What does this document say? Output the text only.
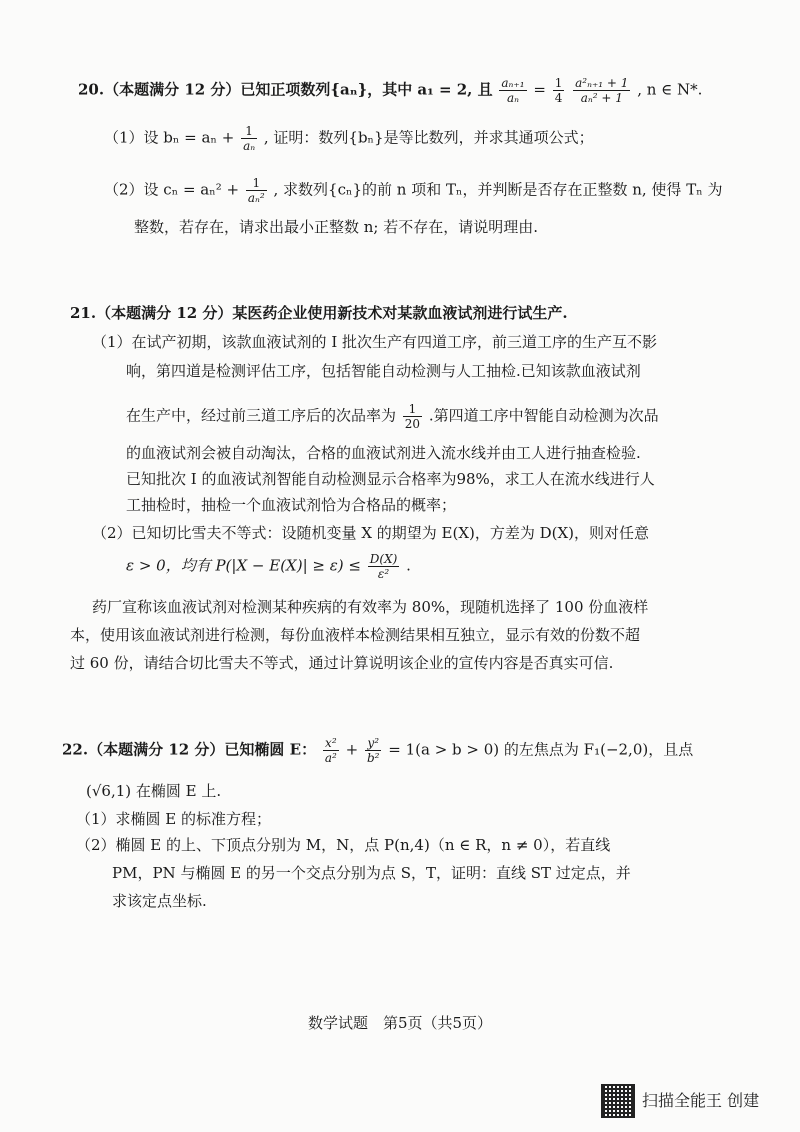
20.（本题满分 12 分）已知正项数列{aₙ}，其中 a₁ = 2, 且 $\frac{\text{aₙ₊₁}}{\text{aₙ}} = \frac{1}{4}$
$\frac{\text{a²ₙ₊₁ + 1}}{\text{aₙ² + 1}}$ , n ∈ N*.
（1）设 $b_n = a_n + \frac{1}{\text{aₙ}}$ , 证明：数列{bₙ}是等比数列，并求其通项公式；
（2）设 $c_n = a_n^2 + \frac{1}{\text{aₙ²}}$ , 求数列{cₙ}的前 n 项和 Tₙ，并判断是否存在正整数 n, 使得 Tₙ 为
整数，若存在，请求出最小正整数 n; 若不存在，请说明理由.
21.（本题满分 12 分）某医药企业使用新技术对某款血液试剂进行试生产.
（1）在试产初期，该款血液试剂的 I 批次生产有四道工序，前三道工序的生产互不影
响，第四道是检测评估工序，包括智能自动检测与人工抽检.已知该款血液试剂
在生产中，经过前三道工序后的次品率为 $\frac{1}{20}$ .第四道工序中智能自动检测为次品
的血液试剂会被自动淘汰，合格的血液试剂进入流水线并由工人进行抽查检验.
已知批次 I 的血液试剂智能自动检测显示合格率为98%，求工人在流水线进行人
工抽检时，抽检一个血液试剂恰为合格品的概率；
（2）已知切比雪夫不等式：设随机变量 X 的期望为 E(X)，方差为 D(X)，则对任意
ε > 0，均有 $P(|X - E(X)| \ge \varepsilon) \le \frac{D(X)}{\text{ε²}}$ .
药厂宣称该血液试剂对检测某种疾病的有效率为 80%，现随机选择了 100 份血液样
本，使用该血液试剂进行检测，每份血液样本检测结果相互独立，显示有效的份数不超
过 60 份，请结合切比雪夫不等式，通过计算说明该企业的宣传内容是否真实可信.
22.（本题满分 12 分）已知椭圆 E： $\frac{\text{x²}}{\text{a²}} + \frac{\text{y²}}{\text{b²}} = 1(a > b > 0)$ 的左焦点为 F₁(−2,0)，且点
(√6,1) 在椭圆 E 上.
（1）求椭圆 E 的标准方程；
（2）椭圆 E 的上、下顶点分别为 M，N，点 P(n,4)（n ∈ R，n ≠ 0），若直线
PM，PN 与椭圆 E 的另一个交点分别为点 S，T，证明：直线 ST 过定点，并
求该定点坐标.
数学试题　第5页（共5页）
扫描全能王 创建
